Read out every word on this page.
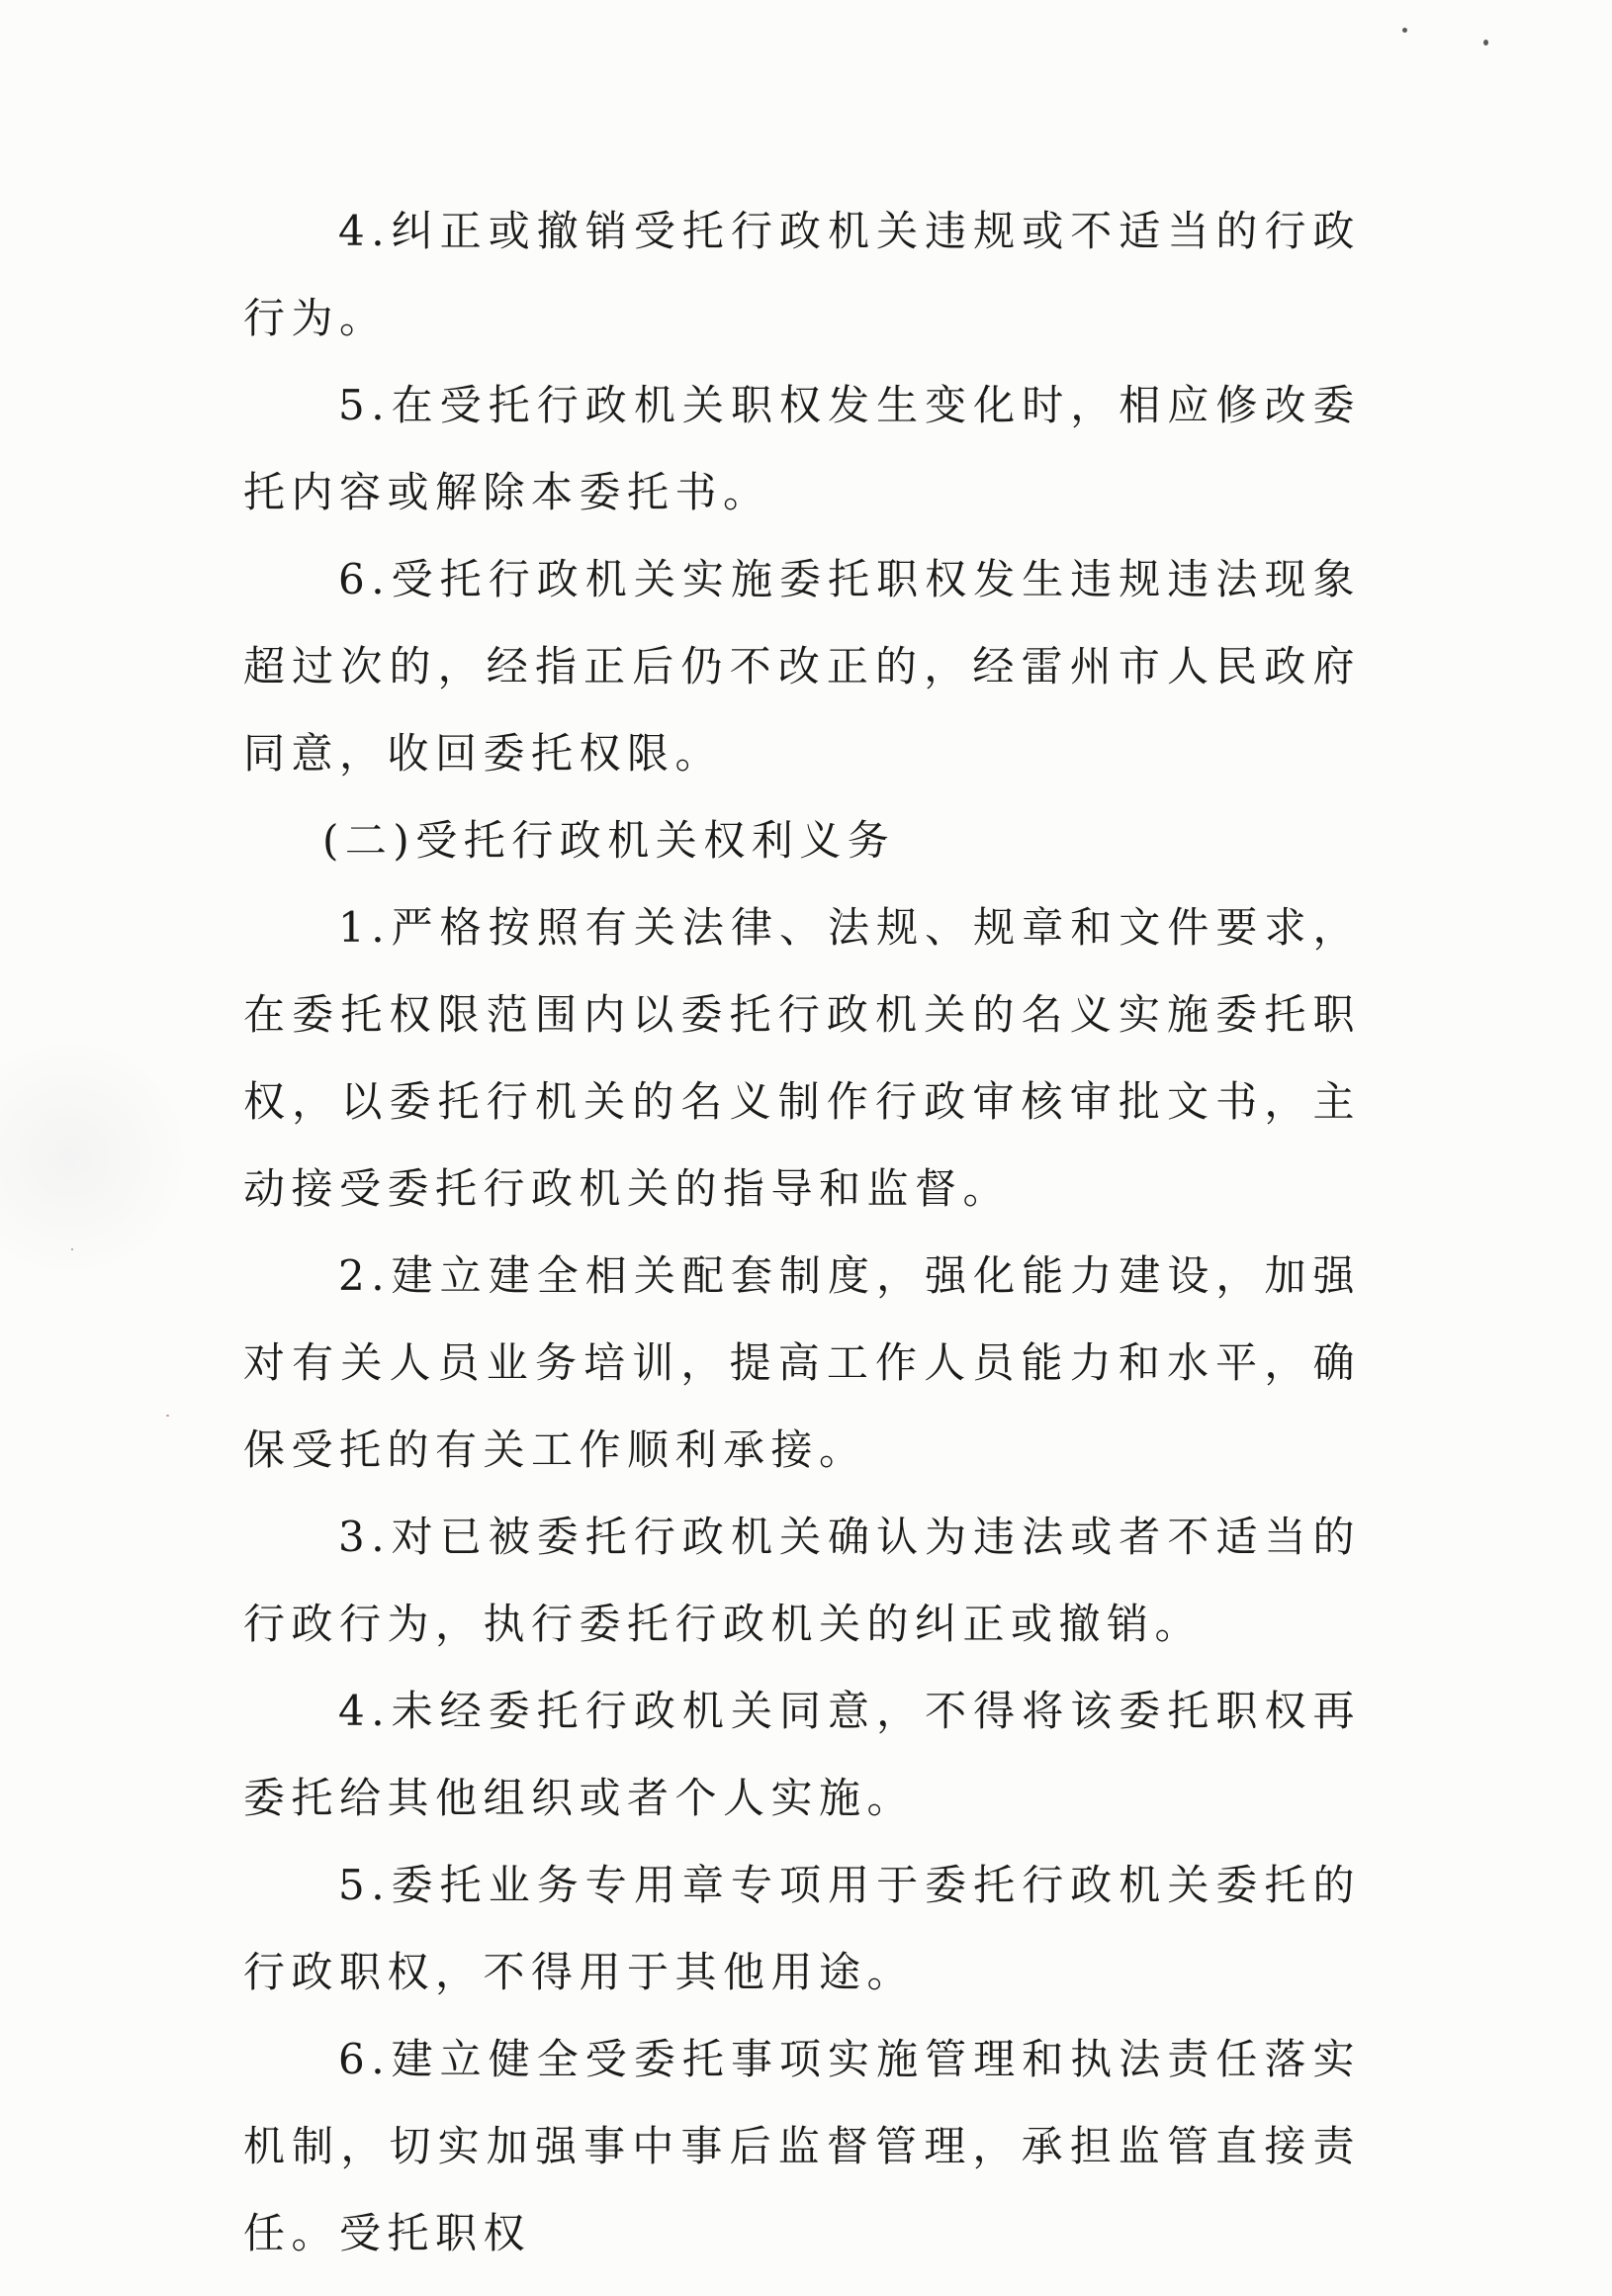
4.纠正或撤销受托行政机关违规或不适当的行政行为。

5.在受托行政机关职权发生变化时，相应修改委托内容或解除本委托书。

6.受托行政机关实施委托职权发生违规违法现象超过次的，经指正后仍不改正的，经雷州市人民政府同意，收回委托权限。

(二)受托行政机关权利义务

1.严格按照有关法律、法规、规章和文件要求，在委托权限范围内以委托行政机关的名义实施委托职权，以委托行机关的名义制作行政审核审批文书，主动接受委托行政机关的指导和监督。

2.建立建全相关配套制度，强化能力建设，加强对有关人员业务培训，提高工作人员能力和水平，确保受托的有关工作顺利承接。

3.对已被委托行政机关确认为违法或者不适当的行政行为，执行委托行政机关的纠正或撤销。

4.未经委托行政机关同意，不得将该委托职权再委托给其他组织或者个人实施。

5.委托业务专用章专项用于委托行政机关委托的行政职权，不得用于其他用途。

6.建立健全受委托事项实施管理和执法责任落实机制，切实加强事中事后监督管理，承担监管直接责任。受托职权
